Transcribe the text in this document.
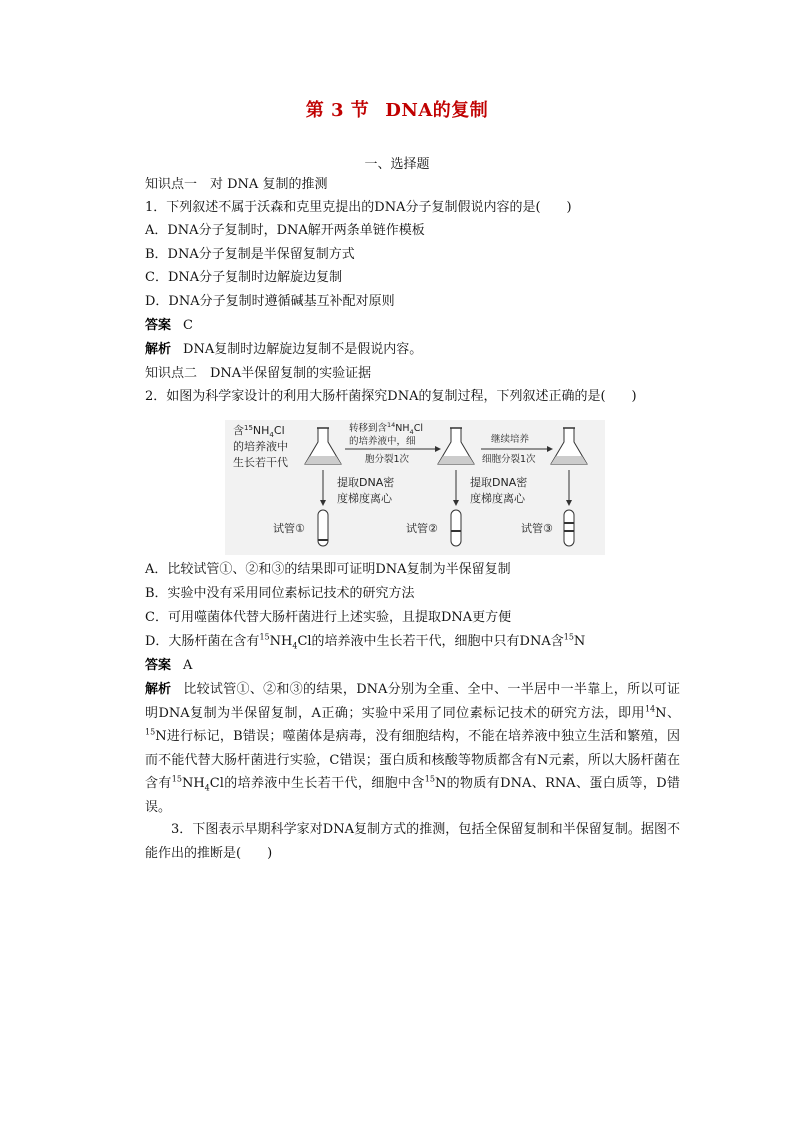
第 3 节 DNA的复制
一、选择题
知识点一　对 DNA 复制的推测
1．下列叙述不属于沃森和克里克提出的DNA分子复制假说内容的是(　　)
A．DNA分子复制时，DNA解开两条单链作模板
B．DNA分子复制是半保留复制方式
C．DNA分子复制时边解旋边复制
D．DNA分子复制时遵循碱基互补配对原则
答案 C
解析 DNA复制时边解旋边复制不是假说内容。
知识点二　DNA半保留复制的实验证据
2．如图为科学家设计的利用大肠杆菌探究DNA的复制过程，下列叙述正确的是(　　)
含$^{15}NH_4Cl$
的培养液中
生长若干代
转移到含$^{14}NH_4Cl$
的培养液中，细
胞分裂1次
继续培养
细胞分裂1次
提取DNA密
度梯度离心
提取DNA密
度梯度离心
试管①	试管②	试管③
A．比较试管①、②和③的结果即可证明DNA复制为半保留复制
B．实验中没有采用同位素标记技术的研究方法
C．可用噬菌体代替大肠杆菌进行上述实验，且提取DNA更方便
D．大肠杆菌在含有$^{15}NH_4Cl$的培养液中生长若干代，细胞中只有DNA含$^{15}$N
答案 A
解析 比较试管①、②和③的结果，DNA分别为全重、全中、一半居中一半靠上，所以可证明DNA复制为半保留复制，A正确；实验中采用了同位素标记技术的研究方法，即用$^{14}$N、$^{15}$N进行标记，B错误；噬菌体是病毒，没有细胞结构，不能在培养液中独立生活和繁殖，因而不能代替大肠杆菌进行实验，C错误；蛋白质和核酸等物质都含有N元素，所以大肠杆菌在含有$^{15}NH_4Cl$的培养液中生长若干代，细胞中含$^{15}$N的物质有DNA、RNA、蛋白质等，D错误。
3．下图表示早期科学家对DNA复制方式的推测，包括全保留复制和半保留复制。据图不能作出的推断是(　　)
